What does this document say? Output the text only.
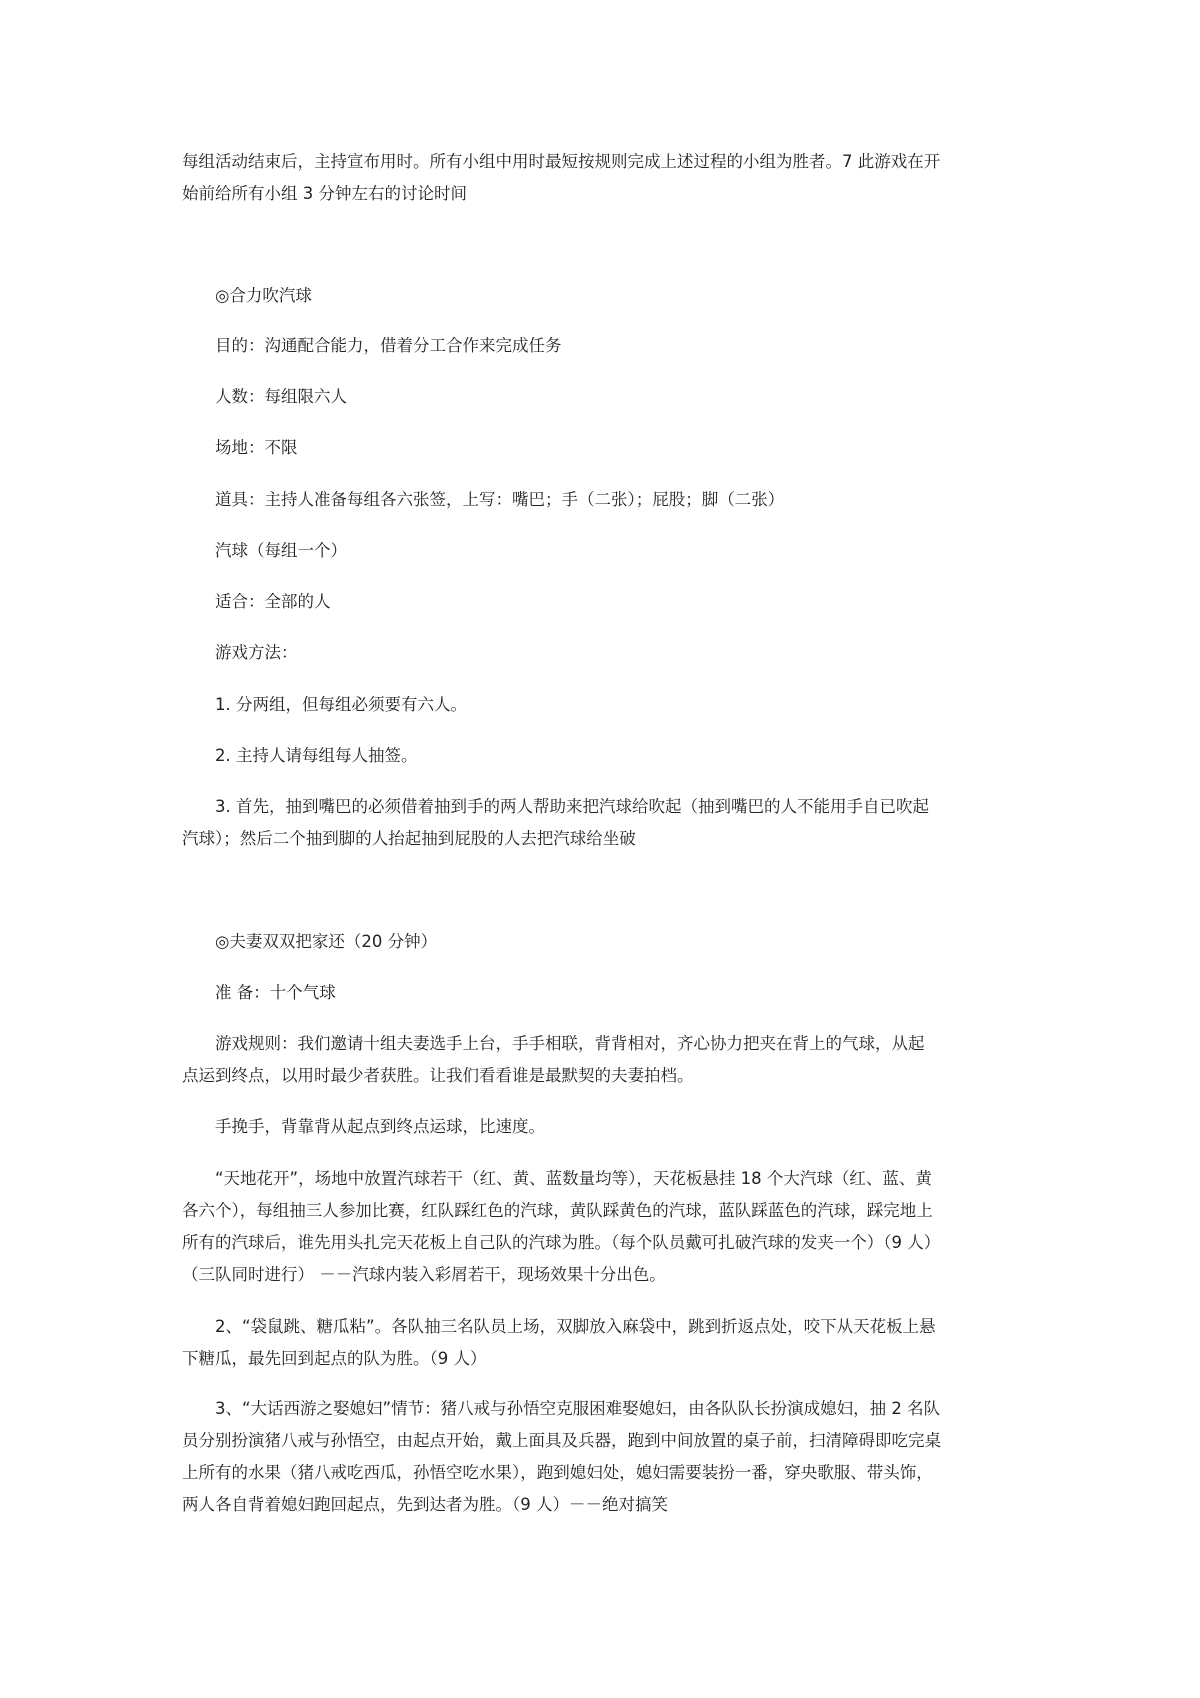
每组活动结束后，主持宣布用时。所有小组中用时最短按规则完成上述过程的小组为胜者。7 此游戏在开
始前给所有小组 3 分钟左右的讨论时间

◎合力吹汽球

目的：沟通配合能力，借着分工合作来完成任务

人数：每组限六人

场地：不限

道具：主持人准备每组各六张签，上写：嘴巴；手（二张）；屁股；脚（二张）

汽球（每组一个）

适合：全部的人

游戏方法：

1. 分两组，但每组必须要有六人。

2. 主持人请每组每人抽签。

3. 首先，抽到嘴巴的必须借着抽到手的两人帮助来把汽球给吹起（抽到嘴巴的人不能用手自已吹起
汽球）；然后二个抽到脚的人抬起抽到屁股的人去把汽球给坐破

◎夫妻双双把家还（20 分钟）

准 备：十个气球

游戏规则：我们邀请十组夫妻选手上台，手手相联，背背相对，齐心协力把夹在背上的气球，从起
点运到终点，以用时最少者获胜。让我们看看谁是最默契的夫妻拍档。

手挽手，背靠背从起点到终点运球，比速度。

“天地花开”，场地中放置汽球若干（红、黄、蓝数量均等），天花板悬挂 18 个大汽球（红、蓝、黄
各六个），每组抽三人参加比赛，红队踩红色的汽球，黄队踩黄色的汽球，蓝队踩蓝色的汽球，踩完地上
所有的汽球后，谁先用头扎完天花板上自己队的汽球为胜。（每个队员戴可扎破汽球的发夹一个）（9 人）
（三队同时进行） －－汽球内装入彩屑若干，现场效果十分出色。

2、“袋鼠跳、糖瓜粘”。各队抽三名队员上场，双脚放入麻袋中，跳到折返点处，咬下从天花板上悬
下糖瓜，最先回到起点的队为胜。（9 人）

3、“大话西游之娶媳妇”情节：猪八戒与孙悟空克服困难娶媳妇，由各队队长扮演成媳妇，抽 2 名队
员分别扮演猪八戒与孙悟空，由起点开始，戴上面具及兵器，跑到中间放置的桌子前，扫清障碍即吃完桌
上所有的水果（猪八戒吃西瓜，孙悟空吃水果），跑到媳妇处，媳妇需要装扮一番，穿央歌服、带头饰，
两人各自背着媳妇跑回起点，先到达者为胜。（9 人）－－绝对搞笑
